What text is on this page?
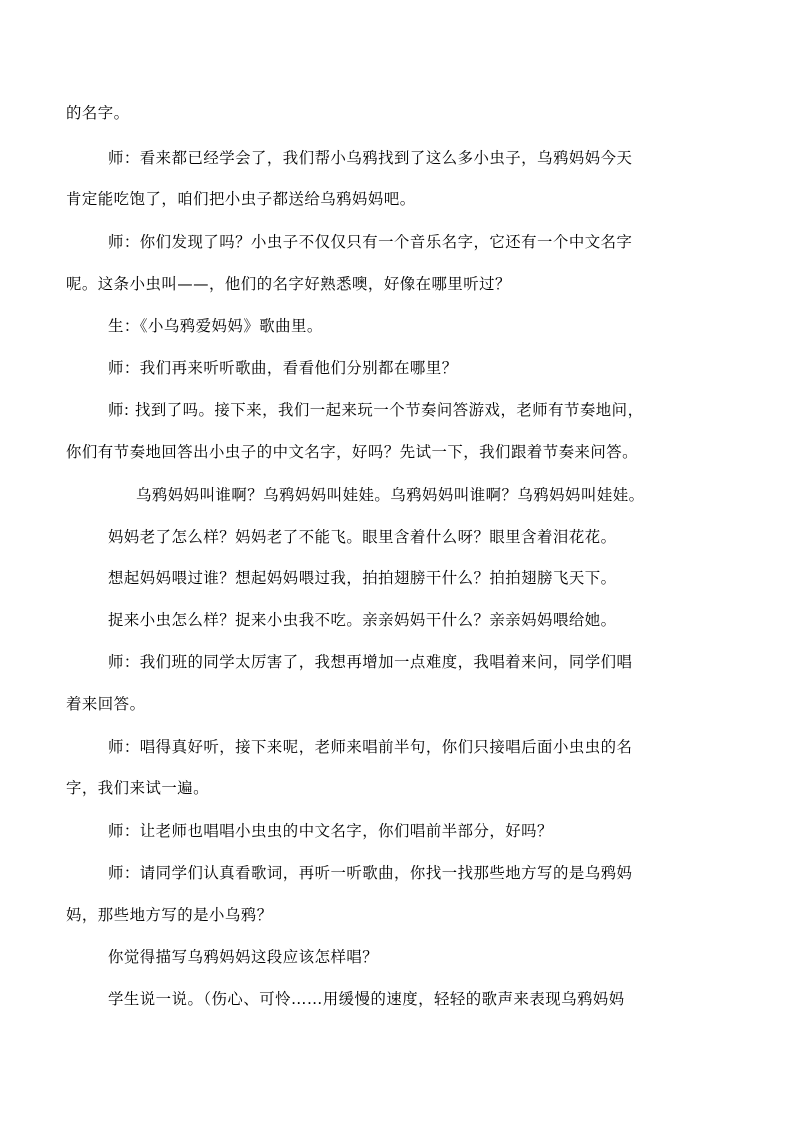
的名字。
师：看来都已经学会了，我们帮小乌鸦找到了这么多小虫子，乌鸦妈妈今天
肯定能吃饱了，咱们把小虫子都送给乌鸦妈妈吧。
师：你们发现了吗？小虫子不仅仅只有一个音乐名字，它还有一个中文名字
呢。这条小虫叫——，他们的名字好熟悉噢，好像在哪里听过？
生：《小乌鸦爱妈妈》歌曲里。
师：我们再来听听歌曲，看看他们分别都在哪里？
师: 找到了吗。接下来，我们一起来玩一个节奏问答游戏，老师有节奏地问，
你们有节奏地回答出小虫子的中文名字，好吗？先试一下，我们跟着节奏来问答。
乌鸦妈妈叫谁啊？乌鸦妈妈叫娃娃。乌鸦妈妈叫谁啊？乌鸦妈妈叫娃娃。
妈妈老了怎么样？妈妈老了不能飞。眼里含着什么呀？眼里含着泪花花。
想起妈妈喂过谁？想起妈妈喂过我，拍拍翅膀干什么？拍拍翅膀飞天下。
捉来小虫怎么样？捉来小虫我不吃。亲亲妈妈干什么？亲亲妈妈喂给她。
师：我们班的同学太厉害了，我想再增加一点难度，我唱着来问，同学们唱
着来回答。
师：唱得真好听，接下来呢，老师来唱前半句，你们只接唱后面小虫虫的名
字，我们来试一遍。
师：让老师也唱唱小虫虫的中文名字，你们唱前半部分，好吗？
师：请同学们认真看歌词，再听一听歌曲，你找一找那些地方写的是乌鸦妈
妈，那些地方写的是小乌鸦？
你觉得描写乌鸦妈妈这段应该怎样唱？
学生说一说。（伤心、可怜……用缓慢的速度，轻轻的歌声来表现乌鸦妈妈
